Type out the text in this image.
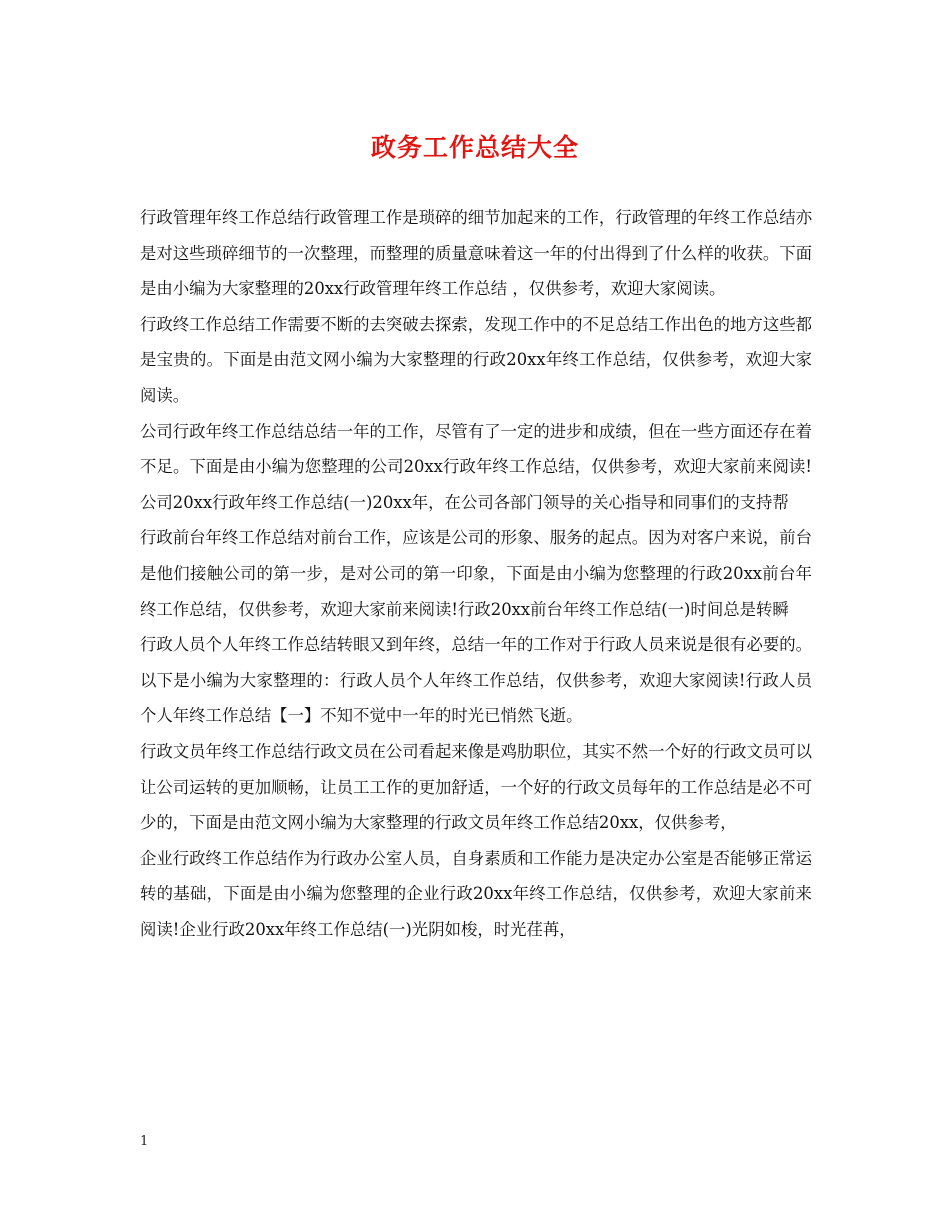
政务工作总结大全

行政管理年终工作总结行政管理工作是琐碎的细节加起来的工作，行政管理的年终工作总结亦是对这些琐碎细节的一次整理，而整理的质量意味着这一年的付出得到了什么样的收获。下面是由小编为大家整理的20xx行政管理年终工作总结 ，仅供参考，欢迎大家阅读。

行政终工作总结工作需要不断的去突破去探索，发现工作中的不足总结工作出色的地方这些都是宝贵的。下面是由范文网小编为大家整理的行政20xx年终工作总结，仅供参考，欢迎大家阅读。

公司行政年终工作总结总结一年的工作，尽管有了一定的进步和成绩，但在一些方面还存在着不足。下面是由小编为您整理的公司20xx行政年终工作总结，仅供参考，欢迎大家前来阅读!公司20xx行政年终工作总结(一)20xx年，在公司各部门领导的关心指导和同事们的支持帮

行政前台年终工作总结对前台工作，应该是公司的形象、服务的起点。因为对客户来说，前台是他们接触公司的第一步，是对公司的第一印象，下面是由小编为您整理的行政20xx前台年终工作总结，仅供参考，欢迎大家前来阅读!行政20xx前台年终工作总结(一)时间总是转瞬

行政人员个人年终工作总结转眼又到年终，总结一年的工作对于行政人员来说是很有必要的。以下是小编为大家整理的：行政人员个人年终工作总结，仅供参考，欢迎大家阅读!行政人员个人年终工作总结【一】不知不觉中一年的时光已悄然飞逝。

行政文员年终工作总结行政文员在公司看起来像是鸡肋职位，其实不然一个好的行政文员可以让公司运转的更加顺畅，让员工工作的更加舒适，一个好的行政文员每年的工作总结是必不可少的，下面是由范文网小编为大家整理的行政文员年终工作总结20xx，仅供参考，

企业行政终工作总结作为行政办公室人员，自身素质和工作能力是决定办公室是否能够正常运转的基础，下面是由小编为您整理的企业行政20xx年终工作总结，仅供参考，欢迎大家前来阅读!企业行政20xx年终工作总结(一)光阴如梭，时光荏苒，

1
